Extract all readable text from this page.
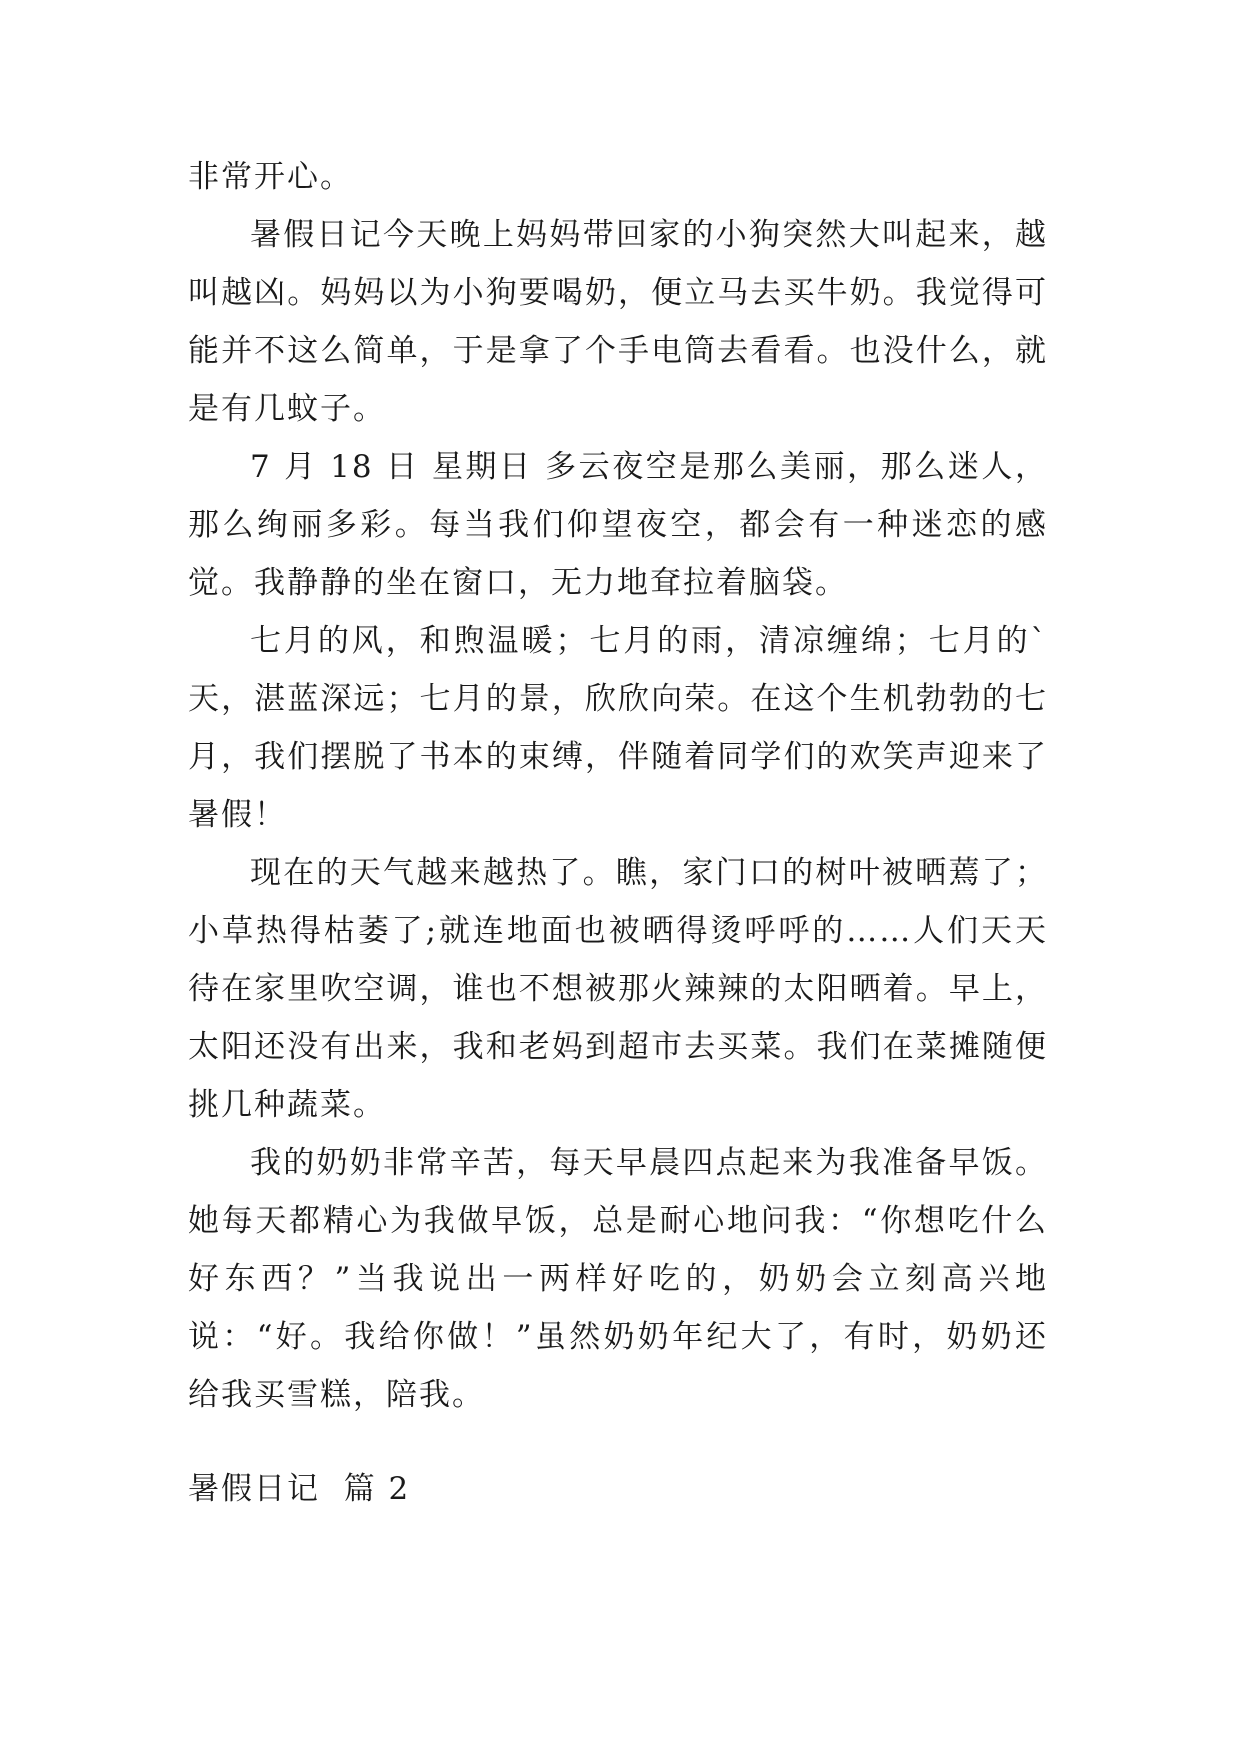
非常开心。

暑假日记今天晚上妈妈带回家的小狗突然大叫起来，越叫越凶。妈妈以为小狗要喝奶，便立马去买牛奶。我觉得可能并不这么简单，于是拿了个手电筒去看看。也没什么，就是有几蚊子。

7 月 18 日 星期日 多云夜空是那么美丽，那么迷人，那么绚丽多彩。每当我们仰望夜空，都会有一种迷恋的感觉。我静静的坐在窗口，无力地耷拉着脑袋。

七月的风，和煦温暖；七月的雨，清凉缠绵；七月的`天，湛蓝深远；七月的景，欣欣向荣。在这个生机勃勃的七月，我们摆脱了书本的束缚，伴随着同学们的欢笑声迎来了暑假！

现在的天气越来越热了。瞧，家门口的树叶被晒蔫了；小草热得枯萎了;就连地面也被晒得烫呼呼的……人们天天待在家里吹空调，谁也不想被那火辣辣的太阳晒着。早上，太阳还没有出来，我和老妈到超市去买菜。我们在菜摊随便挑几种蔬菜。

我的奶奶非常辛苦，每天早晨四点起来为我准备早饭。她每天都精心为我做早饭，总是耐心地问我：“你想吃什么好东西？”当我说出一两样好吃的，奶奶会立刻高兴地说：“好。我给你做！”虽然奶奶年纪大了，有时，奶奶还给我买雪糕，陪我。

暑假日记  篇 2
